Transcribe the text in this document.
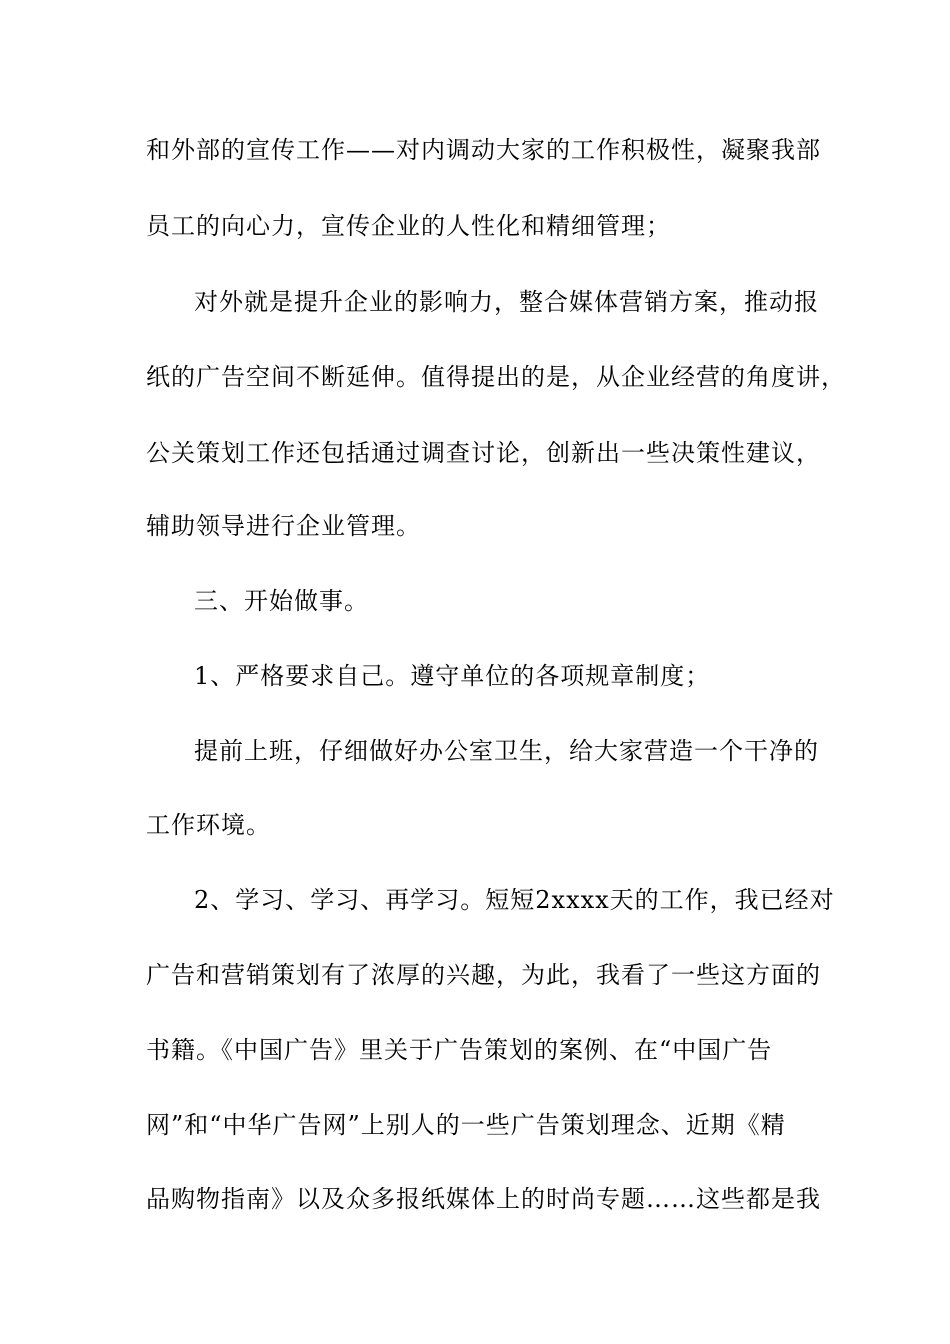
和外部的宣传工作——对内调动大家的工作积极性，凝聚我部
员工的向心力，宣传企业的人性化和精细管理；
对外就是提升企业的影响力，整合媒体营销方案，推动报
纸的广告空间不断延伸。值得提出的是，从企业经营的角度讲，
公关策划工作还包括通过调查讨论，创新出一些决策性建议，
辅助领导进行企业管理。
三、开始做事。
1、严格要求自己。遵守单位的各项规章制度；
提前上班，仔细做好办公室卫生，给大家营造一个干净的
工作环境。
2、学习、学习、再学习。短短2xxxx天的工作，我已经对
广告和营销策划有了浓厚的兴趣，为此，我看了一些这方面的
书籍。《中国广告》里关于广告策划的案例、在“中国广告
网”和“中华广告网”上别人的一些广告策划理念、近期《精
品购物指南》以及众多报纸媒体上的时尚专题……这些都是我
